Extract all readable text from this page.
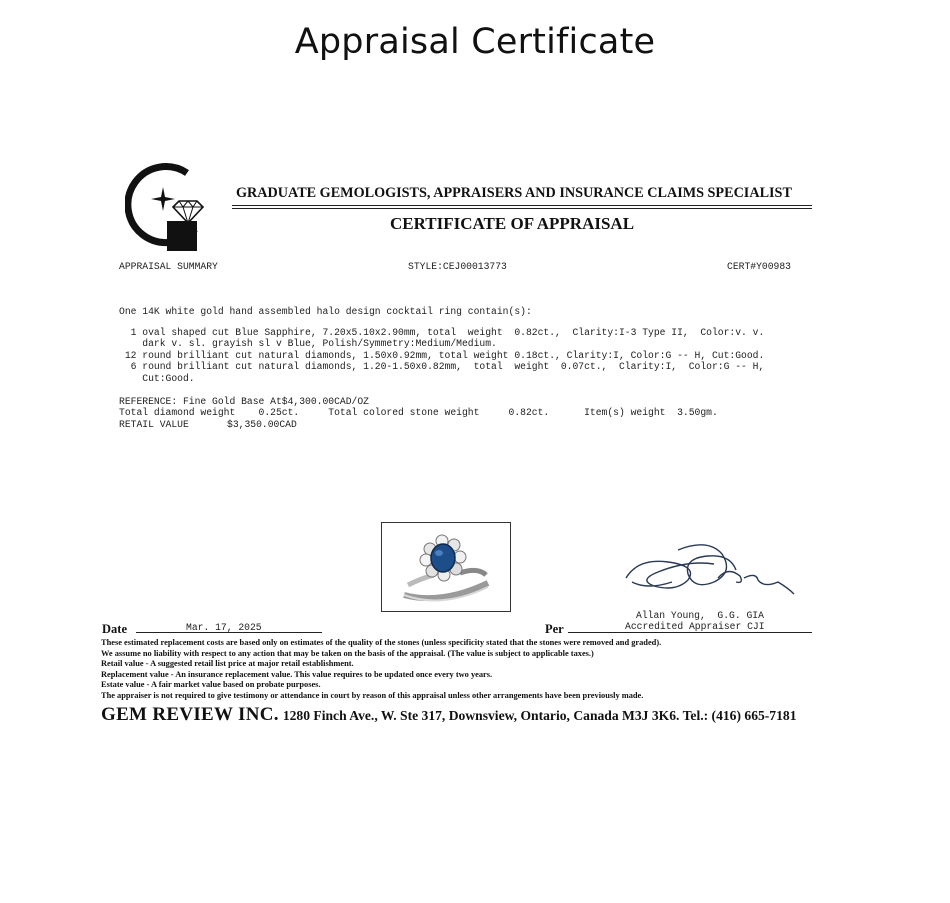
Appraisal Certificate
GRADUATE GEMOLOGISTS, APPRAISERS AND INSURANCE CLAIMS SPECIALIST
CERTIFICATE OF APPRAISAL
APPRAISAL SUMMARY	STYLE:CEJ00013773	CERT#Y00983
One 14K white gold hand assembled halo design cocktail ring contain(s):
1 oval shaped cut Blue Sapphire, 7.20x5.10x2.90mm, total  weight  0.82ct.,  Clarity:I-3 Type II,  Color:v. v.
dark v. sl. grayish sl v Blue, Polish/Symmetry:Medium/Medium.
12 round brilliant cut natural diamonds, 1.50x0.92mm, total weight 0.18ct., Clarity:I, Color:G -- H, Cut:Good.
6 round brilliant cut natural diamonds, 1.20-1.50x0.82mm,  total  weight  0.07ct.,  Clarity:I,  Color:G -- H,
Cut:Good.
REFERENCE: Fine Gold Base At$4,300.00CAD/OZ
Total diamond weight    0.25ct.     Total colored stone weight     0.82ct.      Item(s) weight  3.50gm.
RETAIL VALUE	$3,350.00CAD
Allan Young,  G.G. GIA
Accredited Appraiser CJI
Date	Mar. 17, 2025	Per
These estimated replacement costs are based only on estimates of the quality of the stones (unless specificity stated that the stones were removed and graded).
We assume no liability with respect to any action that may be taken on the basis of the appraisal. (The value is subject to applicable taxes.)
Retail value - A suggested retail list price at major retail establishment.
Replacement value - An insurance replacement value. This value requires to be updated once every two years.
Estate value - A fair market value based on probate purposes.
The appraiser is not required to give testimony or attendance in court by reason of this appraisal unless other arrangements have been previously made.
GEM REVIEW INC. 1280 Finch Ave., W. Ste 317, Downsview, Ontario, Canada M3J 3K6. Tel.: (416) 665-7181
